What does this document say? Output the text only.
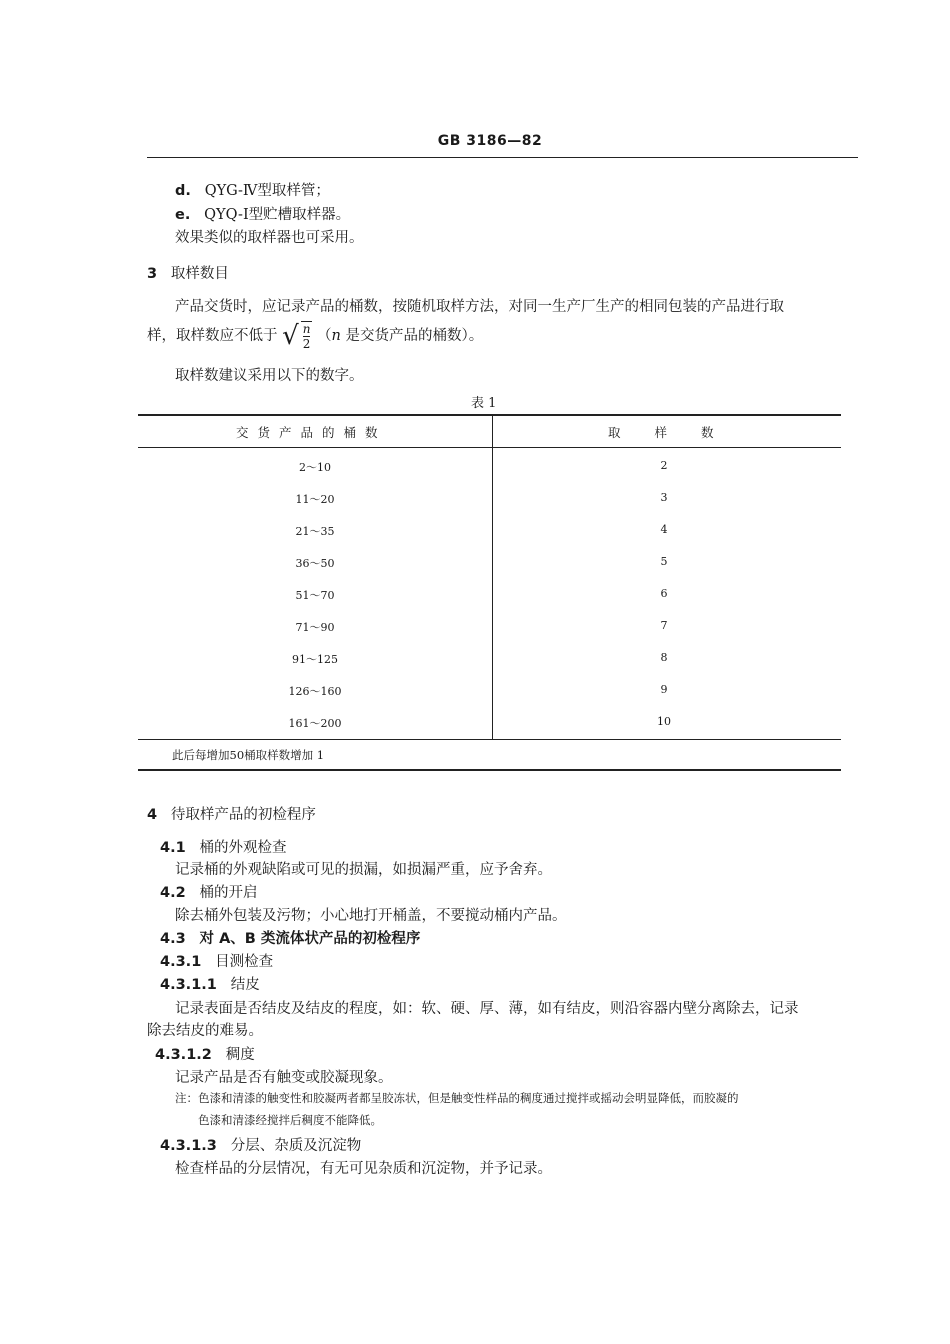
GB 3186—82
d. QYG-Ⅳ型取样管；
e. QYQ-Ⅰ型贮槽取样器。
效果类似的取样器也可采用。
3 取样数目
产品交货时，应记录产品的桶数，按随机取样方法，对同一生产厂生产的相同包装的产品进行取
样，取样数应不低于 √ $\frac{n}{2} (n$ 是交货产品的桶数）。
取样数建议采用以下的数字。
表 1
交货产品的桶数	取样数
2～10	2
11～20	3
21～35	4
36～50	5
51～70	6
71～90	7
91～125	8
126～160	9
161～200	10
此后每增加50桶取样数增加 1
4 待取样产品的初检程序
4.1 桶的外观检查
记录桶的外观缺陷或可见的损漏，如损漏严重，应予舍弃。
4.2 桶的开启
除去桶外包装及污物；小心地打开桶盖，不要搅动桶内产品。
4.3 对 A、B 类流体状产品的初检程序
4.3.1 目测检查
4.3.1.1 结皮
记录表面是否结皮及结皮的程度，如：软、硬、厚、薄，如有结皮，则沿容器内壁分离除去，记录
除去结皮的难易。
4.3.1.2 稠度
记录产品是否有触变或胶凝现象。
注：色漆和清漆的触变性和胶凝两者都呈胶冻状，但是触变性样品的稠度通过搅拌或摇动会明显降低，而胶凝的
色漆和清漆经搅拌后稠度不能降低。
4.3.1.3 分层、杂质及沉淀物
检查样品的分层情况，有无可见杂质和沉淀物，并予记录。
